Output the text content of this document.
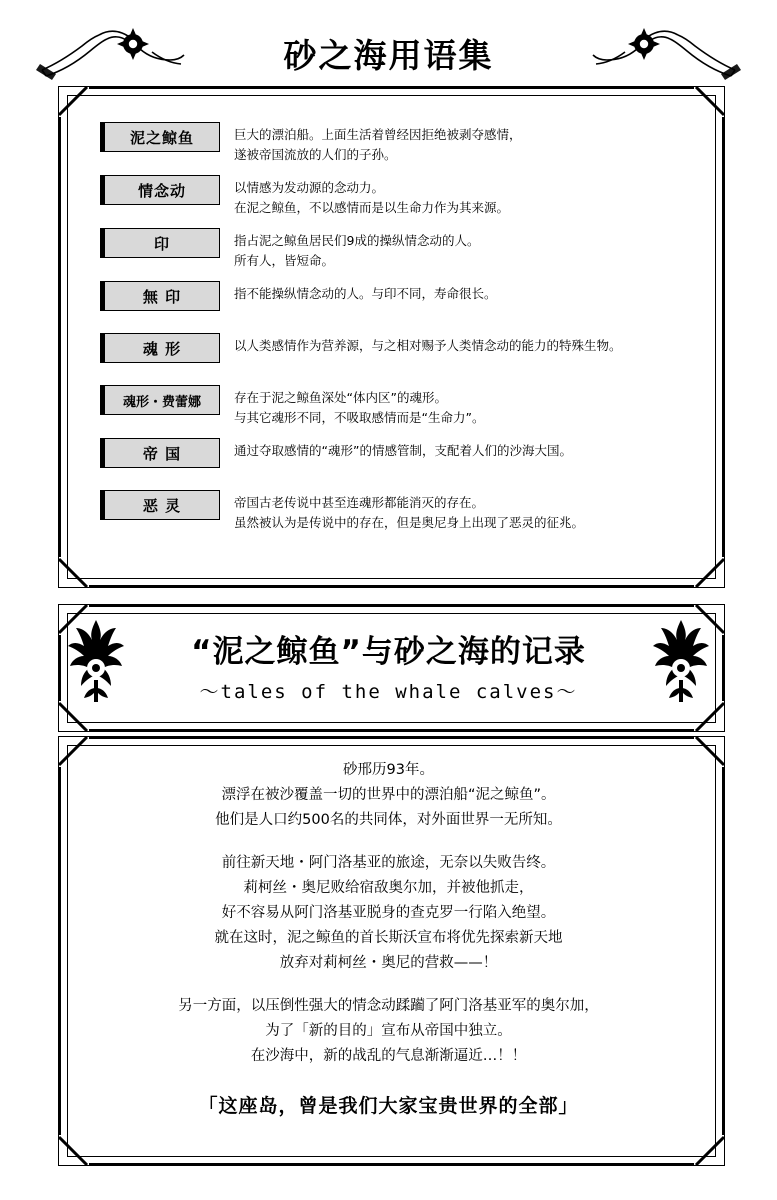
砂之海用语集
泥之鲸鱼	巨大的漂泊船。上面生活着曾经因拒绝被剥夺感情，
遂被帝国流放的人们的子孙。
情念动	以情感为发动源的念动力。
在泥之鲸鱼，不以感情而是以生命力作为其来源。
印	指占泥之鲸鱼居民们9成的操纵情念动的人。
所有人，皆短命。
無 印	指不能操纵情念动的人。与印不同，寿命很长。
魂 形	以人类感情作为营养源，与之相对赐予人类情念动的能力的特殊生物。
魂形・费蕾娜	存在于泥之鲸鱼深处“体内区”的魂形。
与其它魂形不同，不吸取感情而是“生命力”。
帝 国	通过夺取感情的“魂形”的情感管制，支配着人们的沙海大国。
恶 灵	帝国古老传说中甚至连魂形都能消灭的存在。
虽然被认为是传说中的存在，但是奥尼身上出现了恶灵的征兆。
“泥之鲸鱼”与砂之海的记录
～tales of the whale calves～

砂邢历93年。

漂浮在被沙覆盖一切的世界中的漂泊船“泥之鲸鱼”。

他们是人口约500名的共同体，对外面世界一无所知。

前往新天地・阿门洛基亚的旅途，无奈以失败告终。

莉柯丝・奥尼败给宿敌奥尔加，并被他抓走，

好不容易从阿门洛基亚脱身的查克罗一行陷入绝望。

就在这时，泥之鲸鱼的首长斯沃宣布将优先探索新天地

放弃对莉柯丝・奥尼的营救——！

另一方面，以压倒性强大的情念动蹂躏了阿门洛基亚军的奥尔加，

为了「新的目的」宣布从帝国中独立。

在沙海中，新的战乱的气息渐渐逼近…！！

「这座岛，曾是我们大家宝贵世界的全部」
